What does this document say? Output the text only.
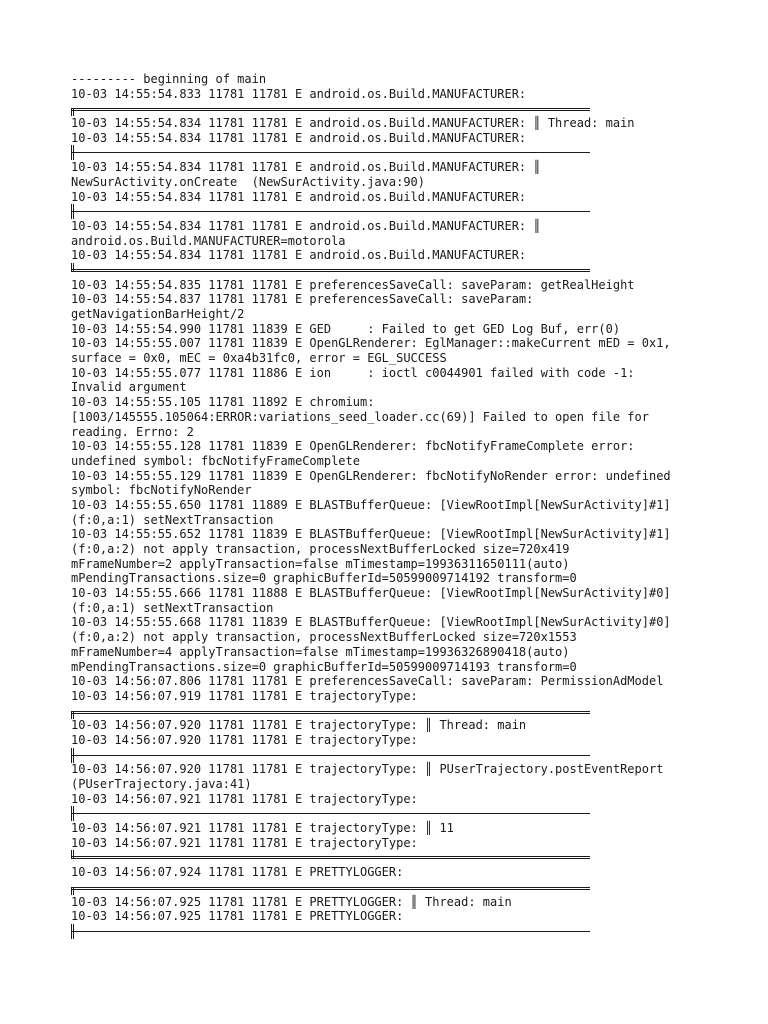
--------- beginning of main
10-03 14:55:54.833 11781 11781 E android.os.Build.MANUFACTURER:
10-03 14:55:54.834 11781 11781 E android.os.Build.MANUFACTURER: ║ Thread: main
10-03 14:55:54.834 11781 11781 E android.os.Build.MANUFACTURER:
10-03 14:55:54.834 11781 11781 E android.os.Build.MANUFACTURER: ║
NewSurActivity.onCreate  (NewSurActivity.java:90)
10-03 14:55:54.834 11781 11781 E android.os.Build.MANUFACTURER:
10-03 14:55:54.834 11781 11781 E android.os.Build.MANUFACTURER: ║
android.os.Build.MANUFACTURER=motorola
10-03 14:55:54.834 11781 11781 E android.os.Build.MANUFACTURER:
10-03 14:55:54.835 11781 11781 E preferencesSaveCall: saveParam: getRealHeight
10-03 14:55:54.837 11781 11781 E preferencesSaveCall: saveParam:
getNavigationBarHeight/2
10-03 14:55:54.990 11781 11839 E GED     : Failed to get GED Log Buf, err(0)
10-03 14:55:55.007 11781 11839 E OpenGLRenderer: EglManager::makeCurrent mED = 0x1,
surface = 0x0, mEC = 0xa4b31fc0, error = EGL_SUCCESS
10-03 14:55:55.077 11781 11886 E ion     : ioctl c0044901 failed with code -1:
Invalid argument
10-03 14:55:55.105 11781 11892 E chromium:
[1003/145555.105064:ERROR:variations_seed_loader.cc(69)] Failed to open file for
reading. Errno: 2
10-03 14:55:55.128 11781 11839 E OpenGLRenderer: fbcNotifyFrameComplete error:
undefined symbol: fbcNotifyFrameComplete
10-03 14:55:55.129 11781 11839 E OpenGLRenderer: fbcNotifyNoRender error: undefined
symbol: fbcNotifyNoRender
10-03 14:55:55.650 11781 11889 E BLASTBufferQueue: [ViewRootImpl[NewSurActivity]#1]
(f:0,a:1) setNextTransaction
10-03 14:55:55.652 11781 11839 E BLASTBufferQueue: [ViewRootImpl[NewSurActivity]#1]
(f:0,a:2) not apply transaction, processNextBufferLocked size=720x419
mFrameNumber=2 applyTransaction=false mTimestamp=19936311650111(auto)
mPendingTransactions.size=0 graphicBufferId=50599009714192 transform=0
10-03 14:55:55.666 11781 11888 E BLASTBufferQueue: [ViewRootImpl[NewSurActivity]#0]
(f:0,a:1) setNextTransaction
10-03 14:55:55.668 11781 11839 E BLASTBufferQueue: [ViewRootImpl[NewSurActivity]#0]
(f:0,a:2) not apply transaction, processNextBufferLocked size=720x1553
mFrameNumber=4 applyTransaction=false mTimestamp=19936326890418(auto)
mPendingTransactions.size=0 graphicBufferId=50599009714193 transform=0
10-03 14:56:07.806 11781 11781 E preferencesSaveCall: saveParam: PermissionAdModel
10-03 14:56:07.919 11781 11781 E trajectoryType:
10-03 14:56:07.920 11781 11781 E trajectoryType: ║ Thread: main
10-03 14:56:07.920 11781 11781 E trajectoryType:
10-03 14:56:07.920 11781 11781 E trajectoryType: ║ PUserTrajectory.postEventReport
(PUserTrajectory.java:41)
10-03 14:56:07.921 11781 11781 E trajectoryType:
10-03 14:56:07.921 11781 11781 E trajectoryType: ║ 11
10-03 14:56:07.921 11781 11781 E trajectoryType:
10-03 14:56:07.924 11781 11781 E PRETTYLOGGER:
10-03 14:56:07.925 11781 11781 E PRETTYLOGGER: ║ Thread: main
10-03 14:56:07.925 11781 11781 E PRETTYLOGGER:
